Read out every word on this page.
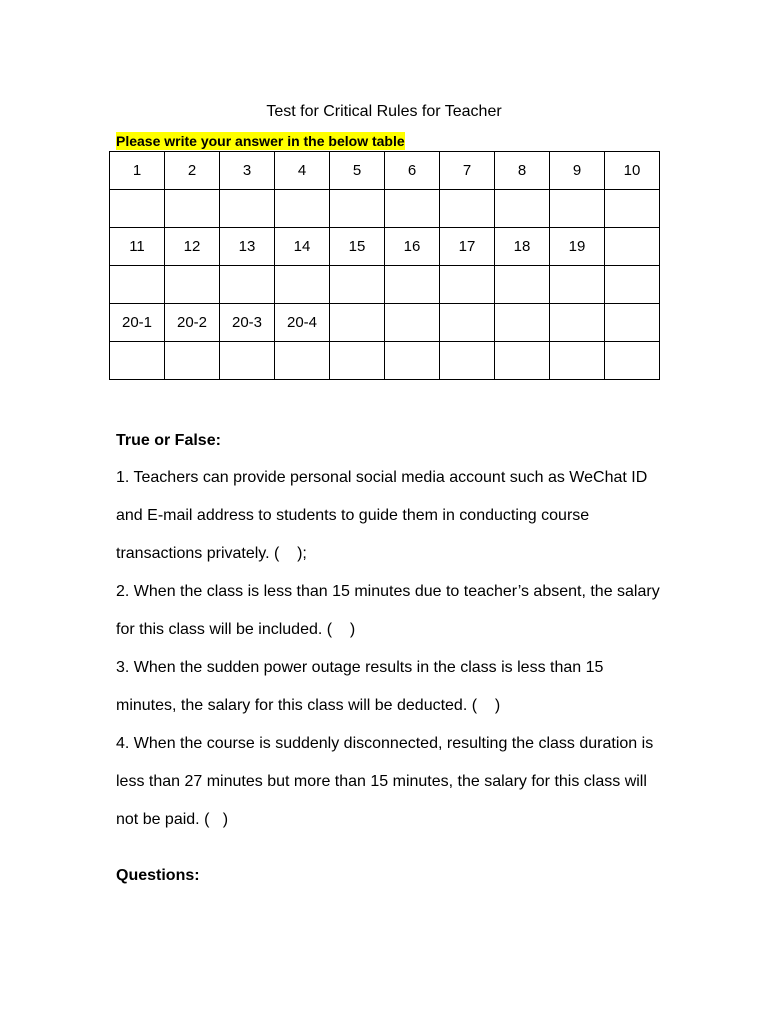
Test for Critical Rules for Teacher
Please write your answer in the below table
1	2	3	4	5	6	7	8	9	10

11	12	13	14	15	16	17	18	19	

20-1	20-2	20-3	20-4						

True or False:

1. Teachers can provide personal social media account such as WeChat ID and E-mail address to students to guide them in conducting course transactions privately. (    );

2. When the class is less than 15 minutes due to teacher’s absent, the salary for this class will be included. (    )

3. When the sudden power outage results in the class is less than 15 minutes, the salary for this class will be deducted. (    )

4. When the course is suddenly disconnected, resulting the class duration is less than 27 minutes but more than 15 minutes, the salary for this class will not be paid. (   )

Questions:
